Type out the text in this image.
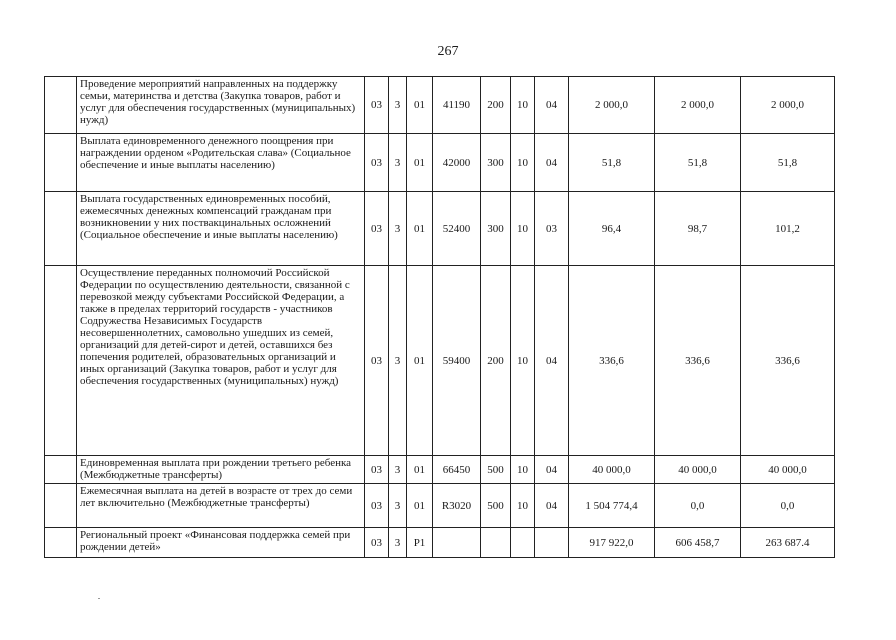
267
	Проведение мероприятий направленных на поддержку семьи, материнства и детства (Закупка товаров, работ и услуг для обеспечения государственных (муниципальных) нужд)	03	3	01	41190	200	10	04	2 000,0	2 000,0	2 000,0
	Выплата единовременного денежного поощрения при награждении орденом «Родительская слава» (Социальное обеспечение и иные выплаты населению)	03	3	01	42000	300	10	04	51,8	51,8	51,8
	Выплата государственных единовременных пособий, ежемесячных денежных компенсаций гражданам при возникновении у них поствакцинальных осложнений (Социальное обеспечение и иные выплаты населению)	03	3	01	52400	300	10	03	96,4	98,7	101,2
	Осуществление переданных полномочий Российской Федерации по осуществлению деятельности, связанной с перевозкой между субъектами Российской Федерации, а также в пределах территорий государств - участников Содружества Независимых Государств несовершеннолетних, самовольно ушедших из семей, организаций для детей-сирот и детей, оставшихся без попечения родителей, образовательных организаций и иных организаций (Закупка товаров, работ и услуг для обеспечения государственных (муниципальных) нужд)	03	3	01	59400	200	10	04	336,6	336,6	336,6
	Единовременная выплата при рождении третьего ребенка (Межбюджетные трансферты)	03	3	01	66450	500	10	04	40 000,0	40 000,0	40 000,0
	Ежемесячная выплата на детей в возрасте от трех до семи лет включительно (Межбюджетные трансферты)	03	3	01	R3020	500	10	04	1 504 774,4	0,0	0,0
	Региональный проект «Финансовая поддержка семей при рождении детей»	03	3	P1					917 922,0	606 458,7	263 687.4
